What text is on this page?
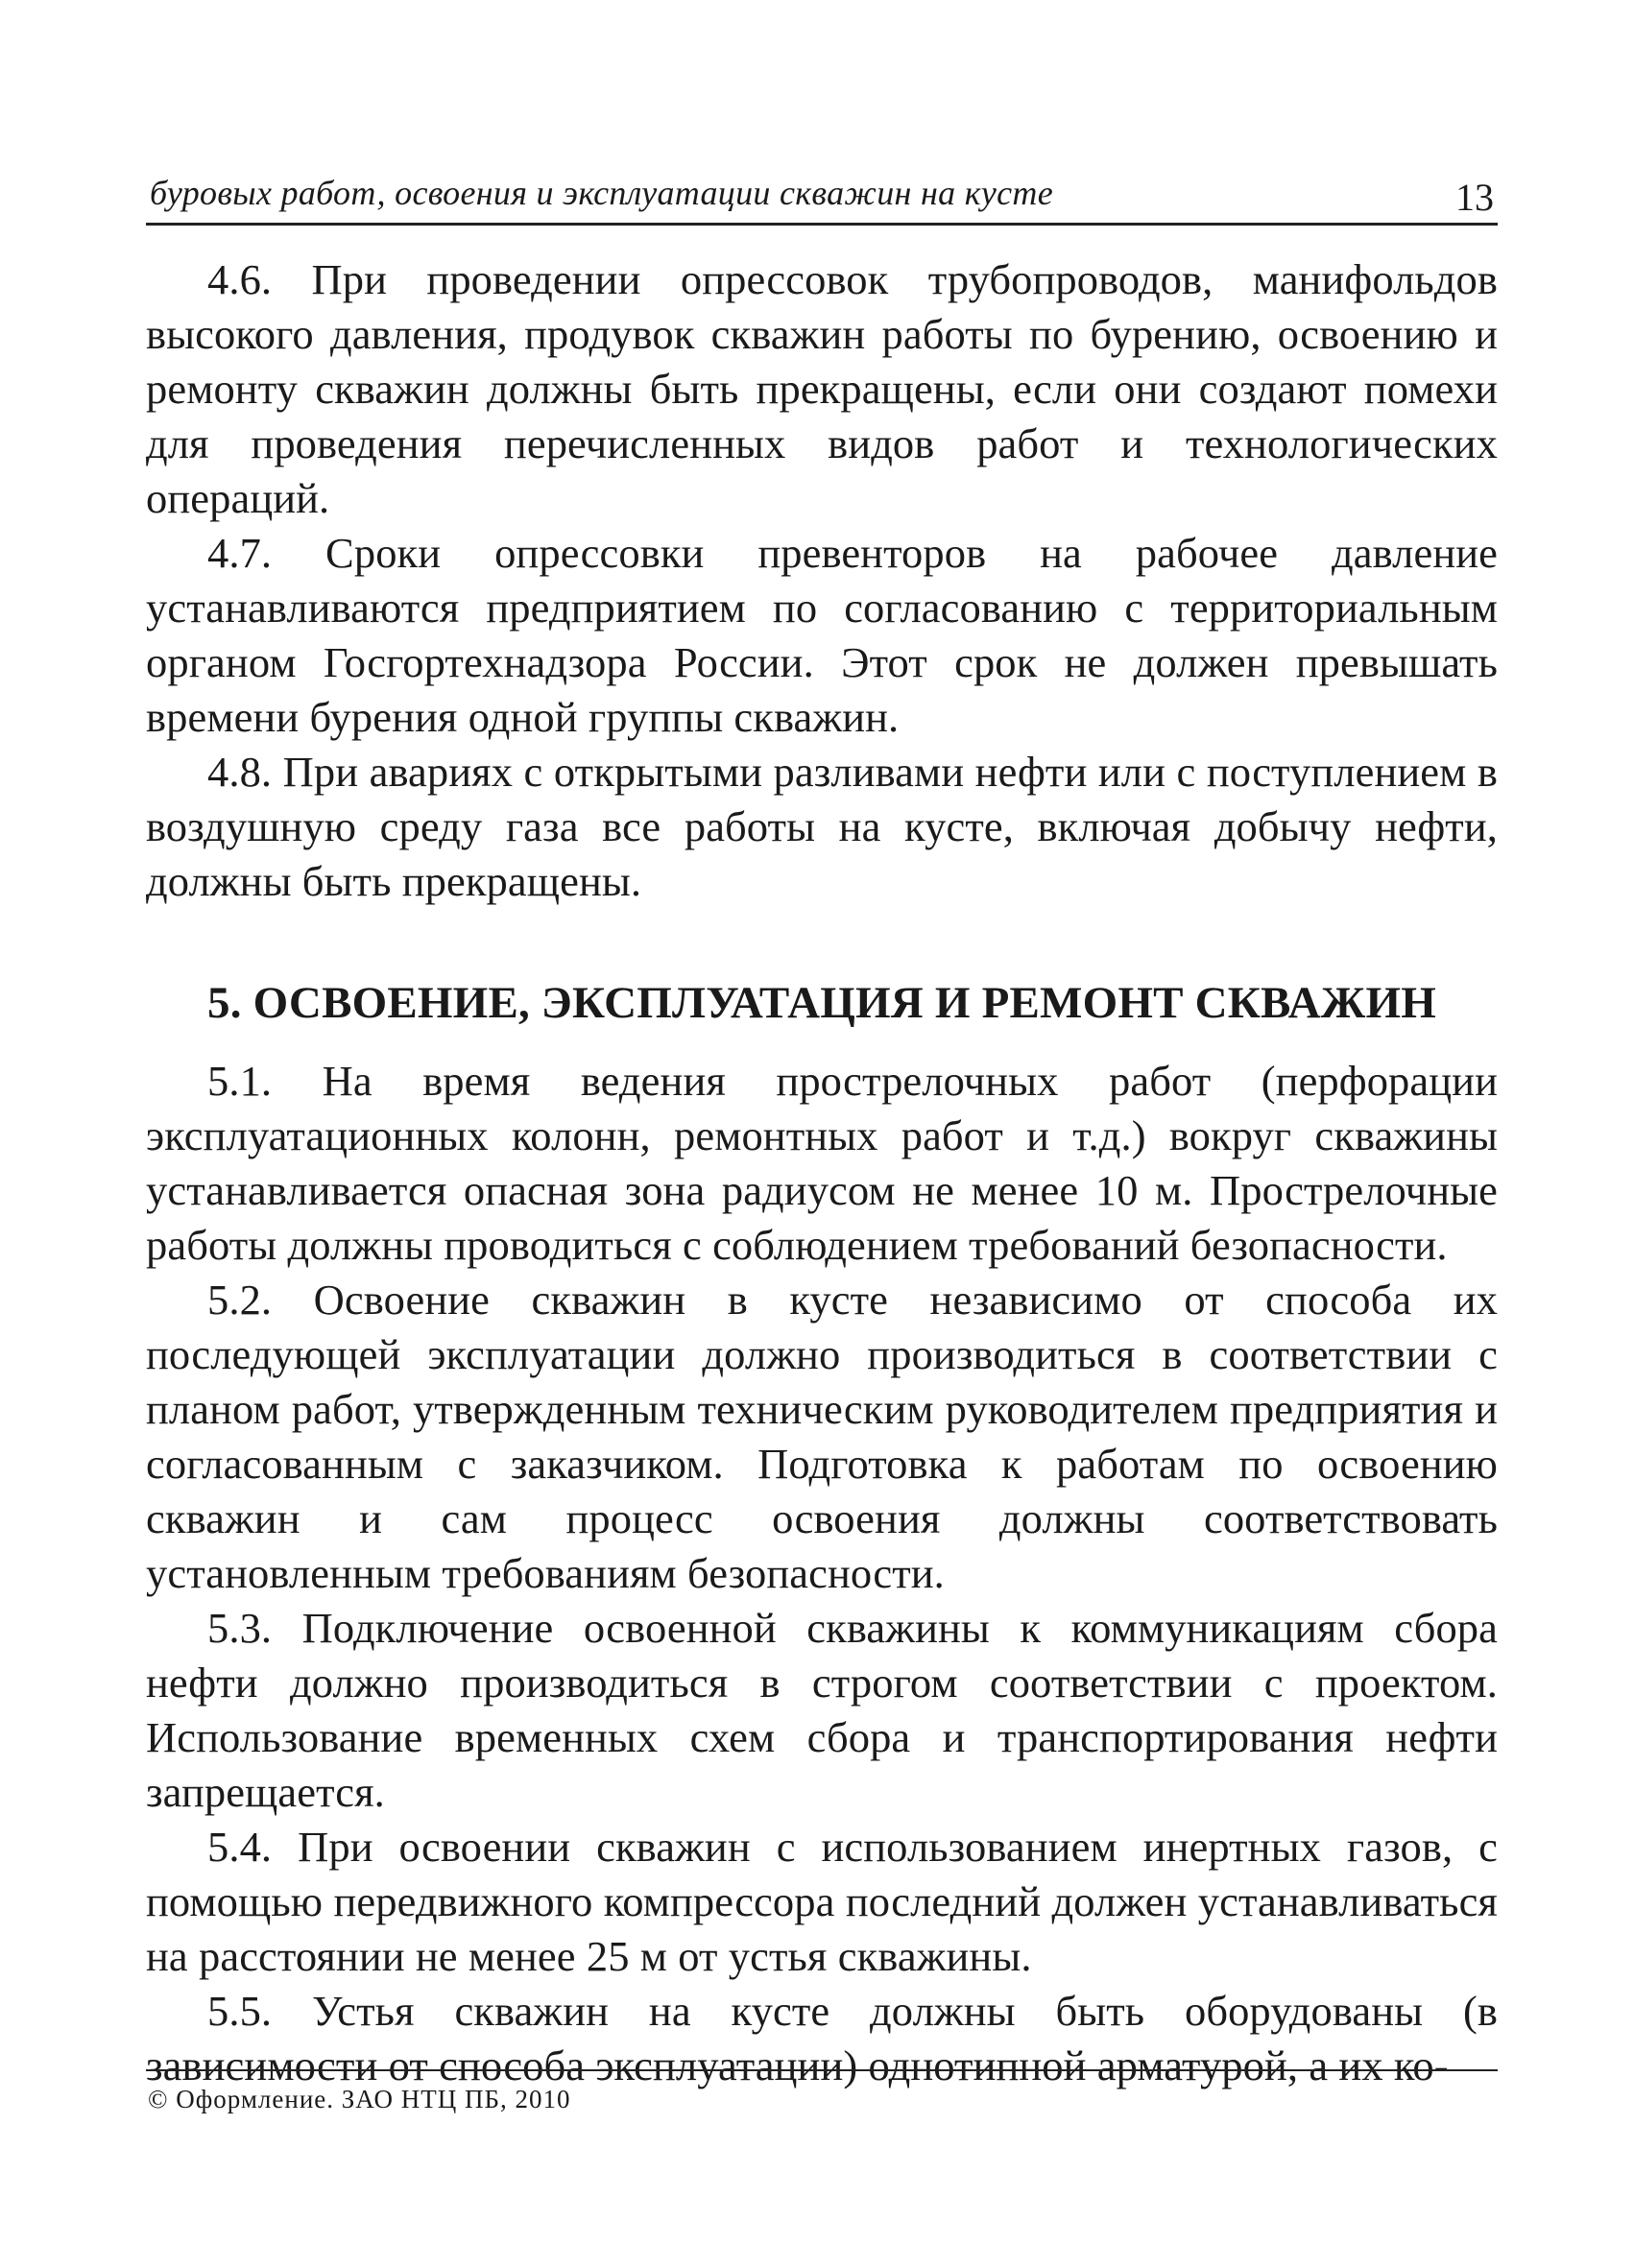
буровых работ, освоения и эксплуатации скважин на кусте	13

4.6. При проведении опрессовок трубопроводов, манифольдов высокого давления, продувок скважин работы по бурению, освоению и ремонту скважин должны быть прекращены, если они создают помехи для проведения перечисленных видов работ и технологических операций.

4.7. Сроки опрессовки превенторов на рабочее давление устанавливаются предприятием по согласованию с территориальным органом Госгортехнадзора России. Этот срок не должен превышать времени бурения одной группы скважин.

4.8. При авариях с открытыми разливами нефти или с поступлением в воздушную среду газа все работы на кусте, включая добычу нефти, должны быть прекращены.

5. ОСВОЕНИЕ, ЭКСПЛУАТАЦИЯ И РЕМОНТ СКВАЖИН

5.1. На время ведения прострелочных работ (перфорации эксплуатационных колонн, ремонтных работ и т.д.) вокруг скважины устанавливается опасная зона радиусом не менее 10 м. Прострелочные работы должны проводиться с соблюдением требований безопасности.

5.2. Освоение скважин в кусте независимо от способа их последующей эксплуатации должно производиться в соответствии с планом работ, утвержденным техническим руководителем предприятия и согласованным с заказчиком. Подготовка к работам по освоению скважин и сам процесс освоения должны соответствовать установленным требованиям безопасности.

5.3. Подключение освоенной скважины к коммуникациям сбора нефти должно производиться в строгом соответствии с проектом. Использование временных схем сбора и транспортирования нефти запрещается.

5.4. При освоении скважин с использованием инертных газов, с помощью передвижного компрессора последний должен устанавливаться на расстоянии не менее 25 м от устья скважины.

5.5. Устья скважин на кусте должны быть оборудованы (в зависимости от способа эксплуатации) однотипной арматурой, а их ко-

© Оформление. ЗАО НТЦ ПБ, 2010
